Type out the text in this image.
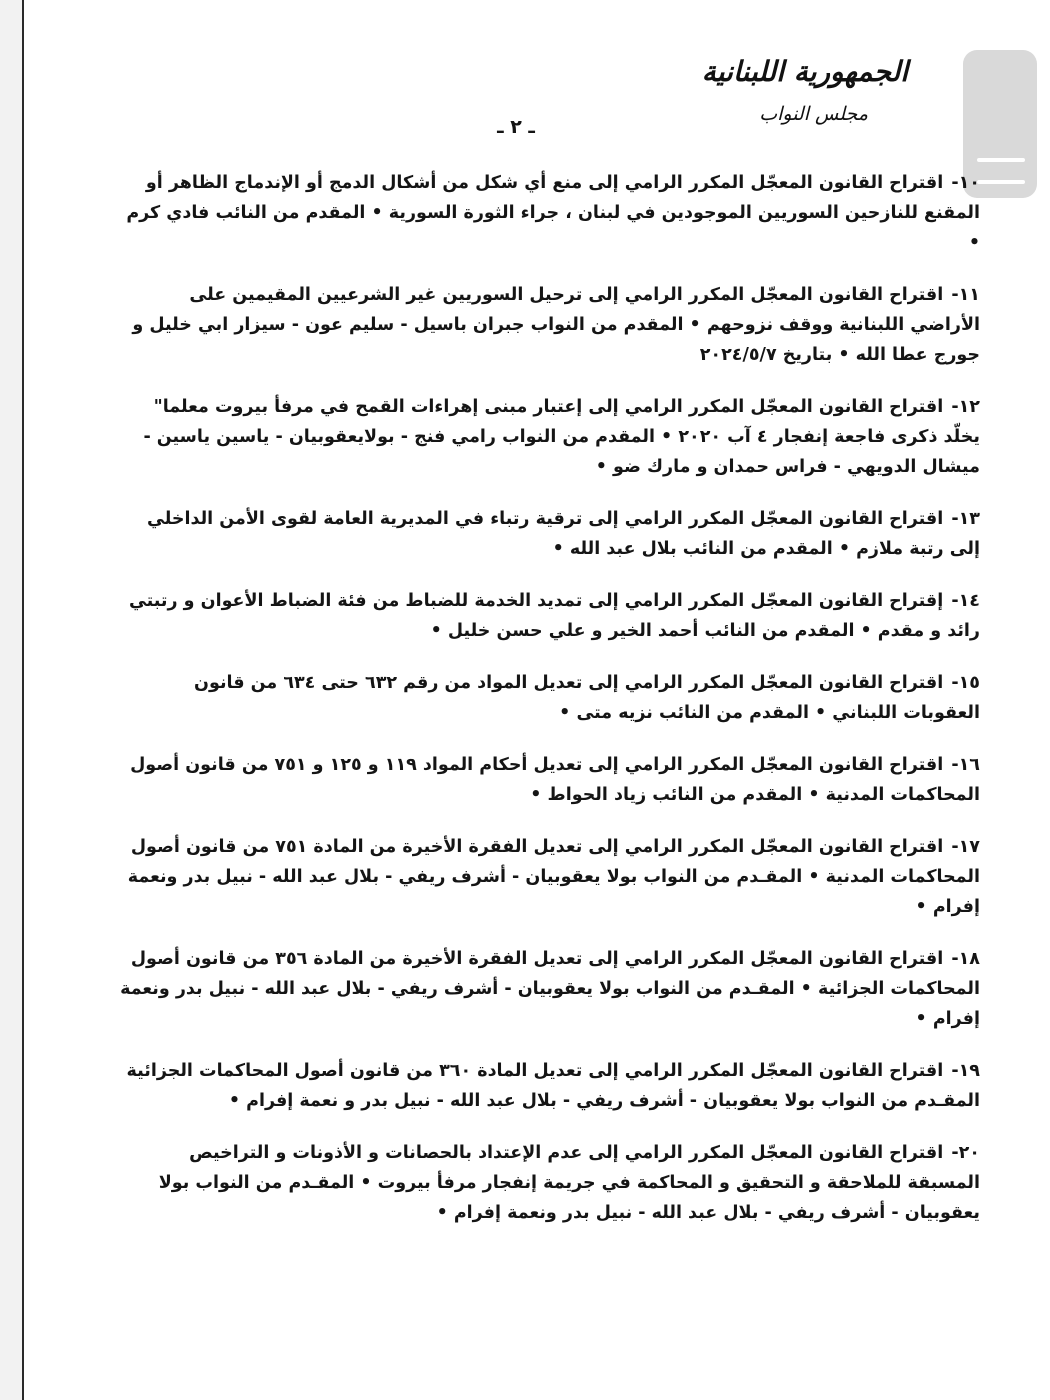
الجمهورية اللبنانية
مجلس النواب
ـ ٢ ـ
١٠- اقتراح القانون المعجّل المكرر الرامي إلى منع أي شكل من أشكال الدمج أو الإندماج الظاهر أو المقنع للنازحين السوريين الموجودين في لبنان ، جراء الثورة السورية • المقدم من النائب فادي كرم •
١١- اقتراح القانون المعجّل المكرر الرامي إلى ترحيل السوريين غير الشرعيين المقيمين على الأراضي اللبنانية ووقف نزوحهم • المقدم من النواب جبران باسيل - سليم عون - سيزار ابي خليل و جورج عطا الله • بتاريخ ٢٠٢٤/٥/٧
١٢- اقتراح القانون المعجّل المكرر الرامي إلى إعتبار مبنى إهراءات القمح في مرفأ بيروت معلما" يخلّد ذكرى فاجعة إنفجار ٤ آب ٢٠٢٠ • المقدم من النواب رامي فنج - بولايعقوبيان - ياسين ياسين - ميشال الدويهي - فراس حمدان و مارك ضو •
١٣- اقتراح القانون المعجّل المكرر الرامي إلى ترقية رتباء في المديرية العامة لقوى الأمن الداخلي إلى رتبة ملازم • المقدم من النائب بلال عبد الله •
١٤- إقتراح القانون المعجّل المكرر الرامي إلى تمديد الخدمة للضباط من فئة الضباط الأعوان و رتبتي رائد و مقدم • المقدم من النائب أحمد الخير و علي حسن خليل •
١٥- اقتراح القانون المعجّل المكرر الرامي إلى تعديل المواد من رقم ٦٣٢ حتى ٦٣٤ من قانون العقوبات اللبناني • المقدم من النائب نزيه متى •
١٦- اقتراح القانون المعجّل المكرر الرامي إلى تعديل أحكام المواد ١١٩ و ١٢٥ و ٧٥١ من قانون أصول المحاكمات المدنية • المقدم من النائب زياد الحواط •
١٧- اقتراح القانون المعجّل المكرر الرامي إلى تعديل الفقرة الأخيرة من المادة ٧٥١ من قانون أصول المحاكمات المدنية • المقـدم من النواب بولا يعقوبيان - أشرف ريفي - بلال عبد الله - نبيل بدر ونعمة إفرام •
١٨- اقتراح القانون المعجّل المكرر الرامي إلى تعديل الفقرة الأخيرة من المادة ٣٥٦ من قانون أصول المحاكمات الجزائية • المقـدم من النواب بولا يعقوبيان - أشرف ريفي - بلال عبد الله - نبيل بدر ونعمة إفرام •
١٩- اقتراح القانون المعجّل المكرر الرامي إلى تعديل المادة ٣٦٠ من قانون أصول المحاكمات الجزائية المقـدم من النواب بولا يعقوبيان - أشرف ريفي - بلال عبد الله - نبيل بدر و نعمة إفرام •
٢٠- اقتراح القانون المعجّل المكرر الرامي إلى عدم الإعتداد بالحصانات و الأذونات و التراخيص المسبقة للملاحقة و التحقيق و المحاكمة في جريمة إنفجار مرفأ بيروت • المقـدم من النواب بولا يعقوبيان - أشرف ريفي - بلال عبد الله - نبيل بدر ونعمة إفرام •
